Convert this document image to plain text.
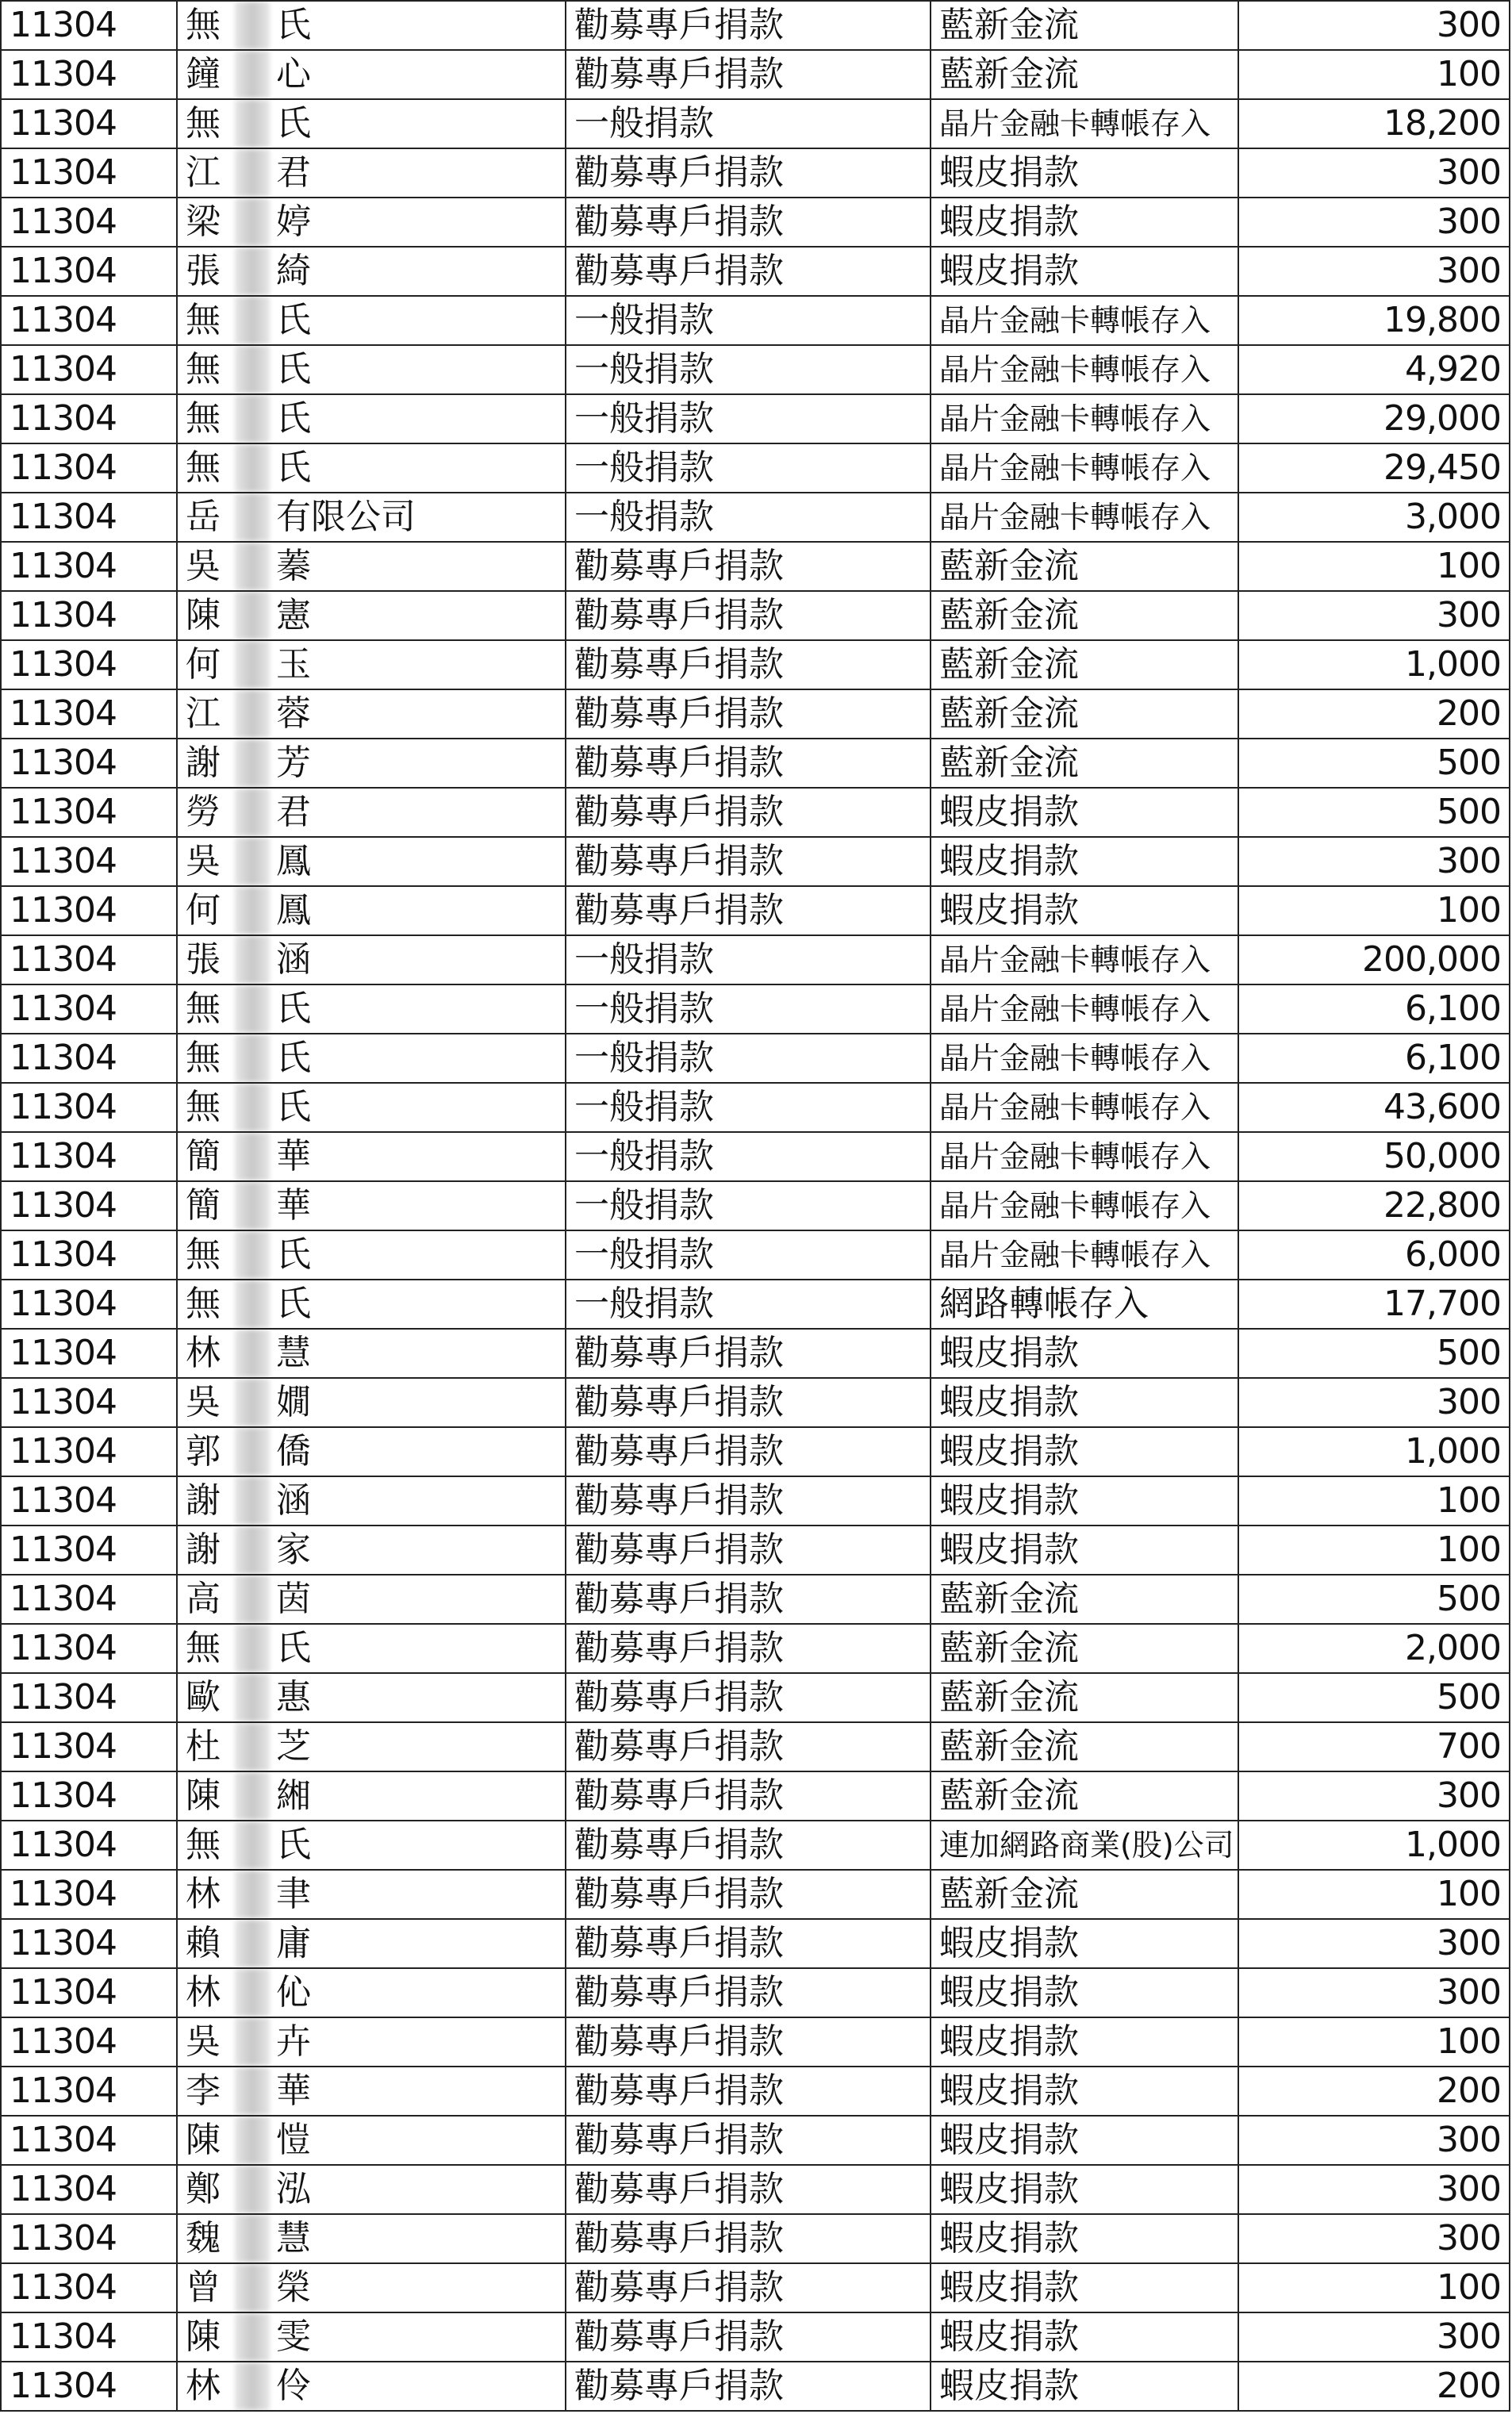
11304	無 氏	勸募專戶捐款	藍新金流	300
11304	鐘 心	勸募專戶捐款	藍新金流	100
11304	無 氏	一般捐款	晶片金融卡轉帳存入	18,200
11304	江 君	勸募專戶捐款	蝦皮捐款	300
11304	梁 婷	勸募專戶捐款	蝦皮捐款	300
11304	張 綺	勸募專戶捐款	蝦皮捐款	300
11304	無 氏	一般捐款	晶片金融卡轉帳存入	19,800
11304	無 氏	一般捐款	晶片金融卡轉帳存入	4,920
11304	無 氏	一般捐款	晶片金融卡轉帳存入	29,000
11304	無 氏	一般捐款	晶片金融卡轉帳存入	29,450
11304	岳 有限公司	一般捐款	晶片金融卡轉帳存入	3,000
11304	吳 蓁	勸募專戶捐款	藍新金流	100
11304	陳 憲	勸募專戶捐款	藍新金流	300
11304	何 玉	勸募專戶捐款	藍新金流	1,000
11304	江 蓉	勸募專戶捐款	藍新金流	200
11304	謝 芳	勸募專戶捐款	藍新金流	500
11304	勞 君	勸募專戶捐款	蝦皮捐款	500
11304	吳 鳳	勸募專戶捐款	蝦皮捐款	300
11304	何 鳳	勸募專戶捐款	蝦皮捐款	100
11304	張 涵	一般捐款	晶片金融卡轉帳存入	200,000
11304	無 氏	一般捐款	晶片金融卡轉帳存入	6,100
11304	無 氏	一般捐款	晶片金融卡轉帳存入	6,100
11304	無 氏	一般捐款	晶片金融卡轉帳存入	43,600
11304	簡 華	一般捐款	晶片金融卡轉帳存入	50,000
11304	簡 華	一般捐款	晶片金融卡轉帳存入	22,800
11304	無 氏	一般捐款	晶片金融卡轉帳存入	6,000
11304	無 氏	一般捐款	網路轉帳存入	17,700
11304	林 慧	勸募專戶捐款	蝦皮捐款	500
11304	吳 嫺	勸募專戶捐款	蝦皮捐款	300
11304	郭 僑	勸募專戶捐款	蝦皮捐款	1,000
11304	謝 涵	勸募專戶捐款	蝦皮捐款	100
11304	謝 家	勸募專戶捐款	蝦皮捐款	100
11304	高 茵	勸募專戶捐款	藍新金流	500
11304	無 氏	勸募專戶捐款	藍新金流	2,000
11304	歐 惠	勸募專戶捐款	藍新金流	500
11304	杜 芝	勸募專戶捐款	藍新金流	700
11304	陳 緗	勸募專戶捐款	藍新金流	300
11304	無 氏	勸募專戶捐款	連加網路商業(股)公司	1,000
11304	林 聿	勸募專戶捐款	藍新金流	100
11304	賴 庸	勸募專戶捐款	蝦皮捐款	300
11304	林 伈	勸募專戶捐款	蝦皮捐款	300
11304	吳 卉	勸募專戶捐款	蝦皮捐款	100
11304	李 華	勸募專戶捐款	蝦皮捐款	200
11304	陳 愷	勸募專戶捐款	蝦皮捐款	300
11304	鄭 泓	勸募專戶捐款	蝦皮捐款	300
11304	魏 慧	勸募專戶捐款	蝦皮捐款	300
11304	曾 榮	勸募專戶捐款	蝦皮捐款	100
11304	陳 雯	勸募專戶捐款	蝦皮捐款	300
11304	林 伶	勸募專戶捐款	蝦皮捐款	200
